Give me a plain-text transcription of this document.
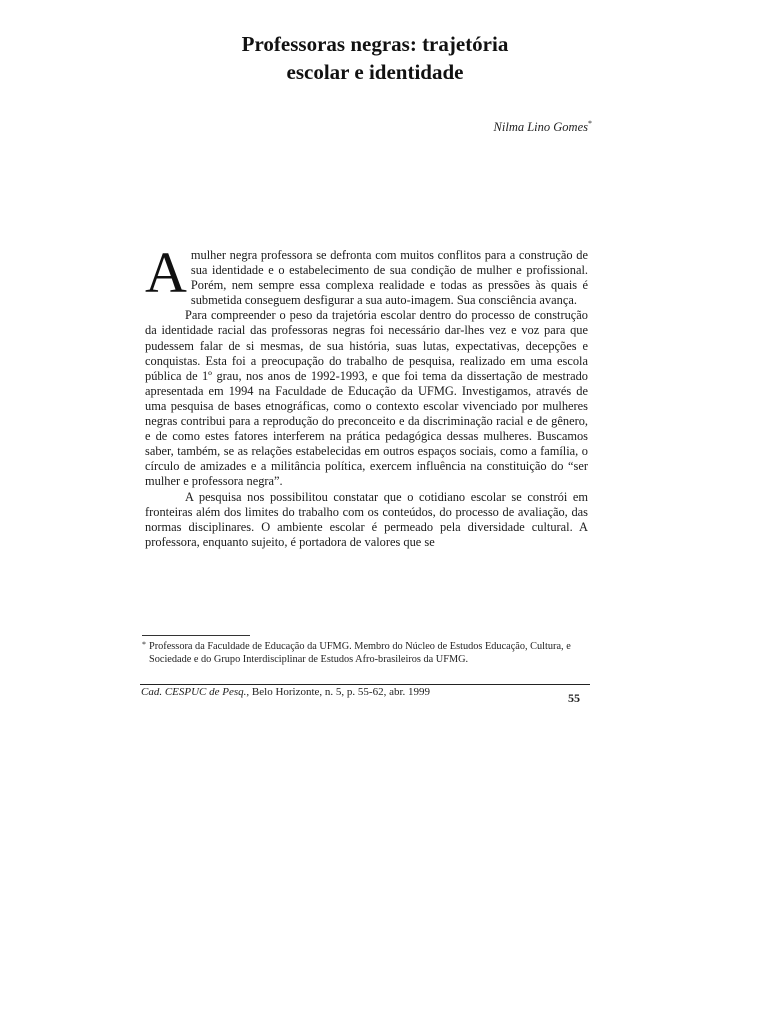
Professoras negras: trajetória
escolar e identidade
Nilma Lino Gomes*

Amulher negra professora se defronta com muitos conflitos para a construção de sua identidade e o estabelecimento de sua condição de mulher e profissional. Porém, nem sempre essa complexa realidade e todas as pressões às quais é submetida conseguem desfigurar a sua auto-imagem. Sua consciência avança.

Para compreender o peso da trajetória escolar dentro do processo de construção da identidade racial das professoras negras foi necessário dar-lhes vez e voz para que pudessem falar de si mesmas, de sua história, suas lutas, expectativas, decepções e conquistas. Esta foi a preocupação do trabalho de pesquisa, realizado em uma escola pública de 1º grau, nos anos de 1992-1993, e que foi tema da dissertação de mestrado apresentada em 1994 na Faculdade de Educação da UFMG. Investigamos, através de uma pesquisa de bases etnográficas, como o contexto escolar vivenciado por mulheres negras contribui para a reprodução do preconceito e da discriminação racial e de gênero, e de como estes fatores interferem na prática pedagógica dessas mulheres. Buscamos saber, também, se as relações estabelecidas em outros espaços sociais, como a família, o círculo de amizades e a militância política, exercem influência na constituição do “ser mulher e professora negra”.

A pesquisa nos possibilitou constatar que o cotidiano escolar se constrói em fronteiras além dos limites do trabalho com os conteúdos, do processo de avaliação, das normas disciplinares. O ambiente escolar é permeado pela diversidade cultural. A professora, enquanto sujeito, é portadora de valores que se

* Professora da Faculdade de Educação da UFMG. Membro do Núcleo de Estudos Educação, Cultura, e Sociedade e do Grupo Interdisciplinar de Estudos Afro-brasileiros da UFMG.
Cad. CESPUC de Pesq., Belo Horizonte, n. 5, p. 55-62, abr. 1999	55
